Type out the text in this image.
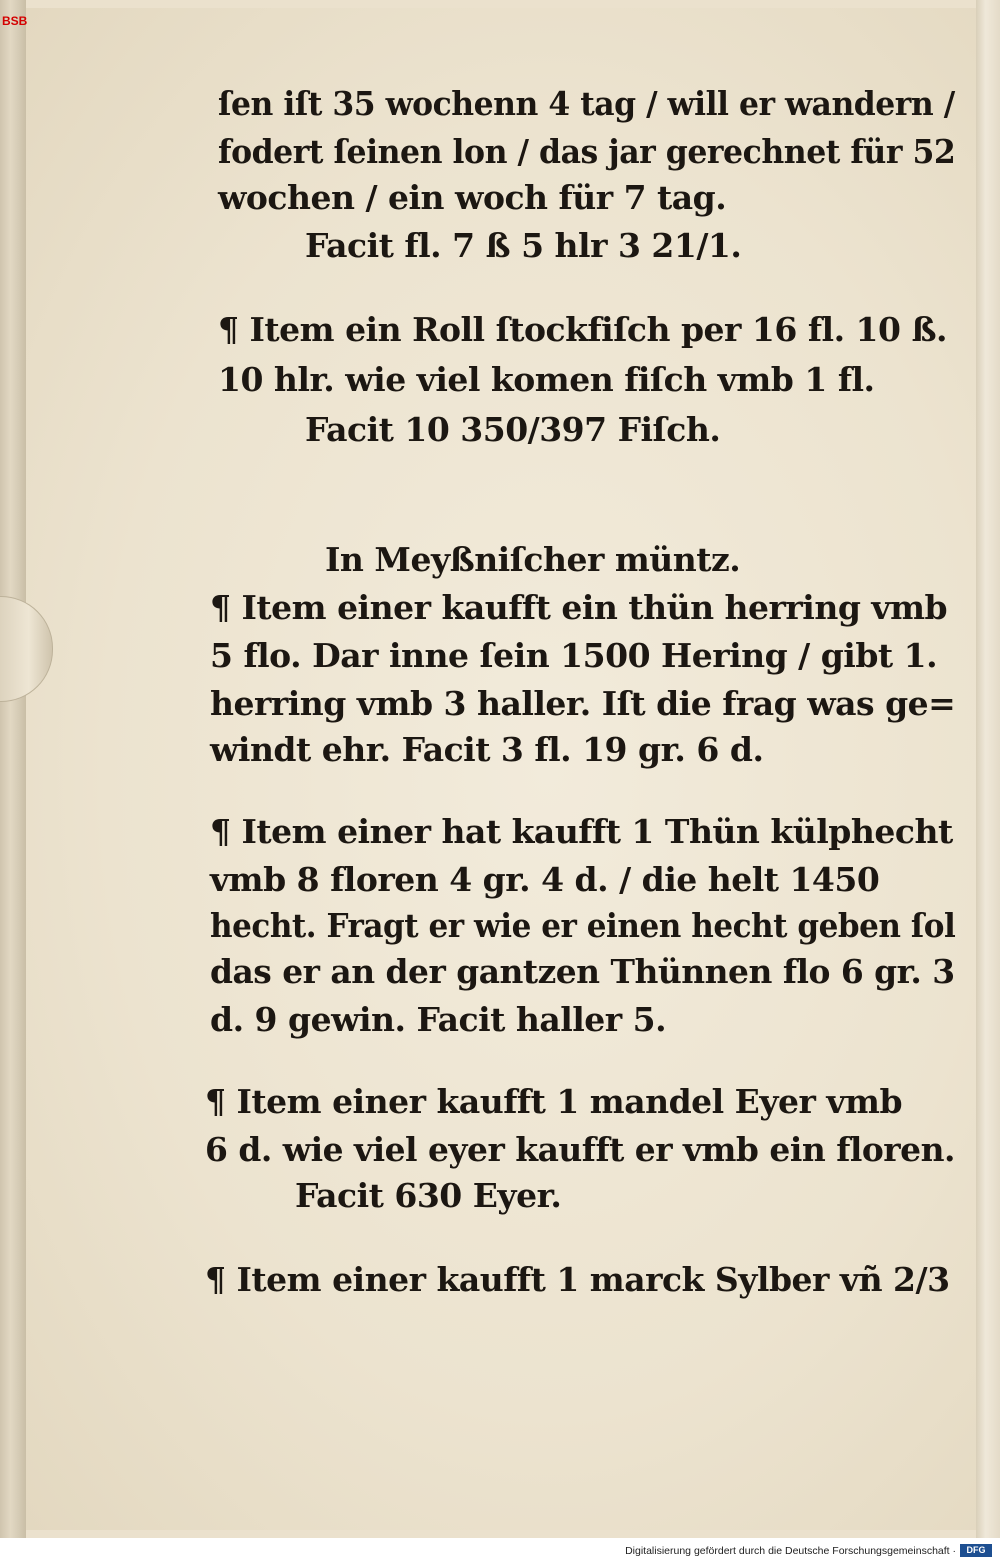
BSB
ſen iſt 35 wochenn 4 tag / will er wandern /
fodert ſeinen lon / das jar gerechnet für 52
wochen / ein woch für 7 tag.
Facit fl. 7 ß 5 hlr 3 21/1.
¶ Item ein Roll ſtockfiſch per 16 fl. 10 ß.
10 hlr. wie viel komen fiſch vmb 1 fl.
Facit 10 350/397 Fiſch.
In Meyßniſcher müntz.
¶ Item einer kaufft ein thün herring vmb
5 flo. Dar inne ſein 1500 Hering / gibt 1.
herring vmb 3 haller. Iſt die frag was ge=
windt ehr. Facit 3 fl. 19 gr. 6 d.
¶ Item einer hat kaufft 1 Thün külphecht
vmb 8 floren 4 gr. 4 d. / die helt 1450
hecht. Fragt er wie er einen hecht geben ſol
das er an der gantzen Thünnen flo 6 gr. 3
d. 9 gewin. Facit haller 5.
¶ Item einer kaufft 1 mandel Eyer vmb
6 d. wie viel eyer kaufft er vmb ein floren.
Facit 630 Eyer.
¶ Item einer kaufft 1 marck Sylber vñ 2/3
Digitalisierung gefördert durch die Deutsche Forschungsgemeinschaft ·	DFG
